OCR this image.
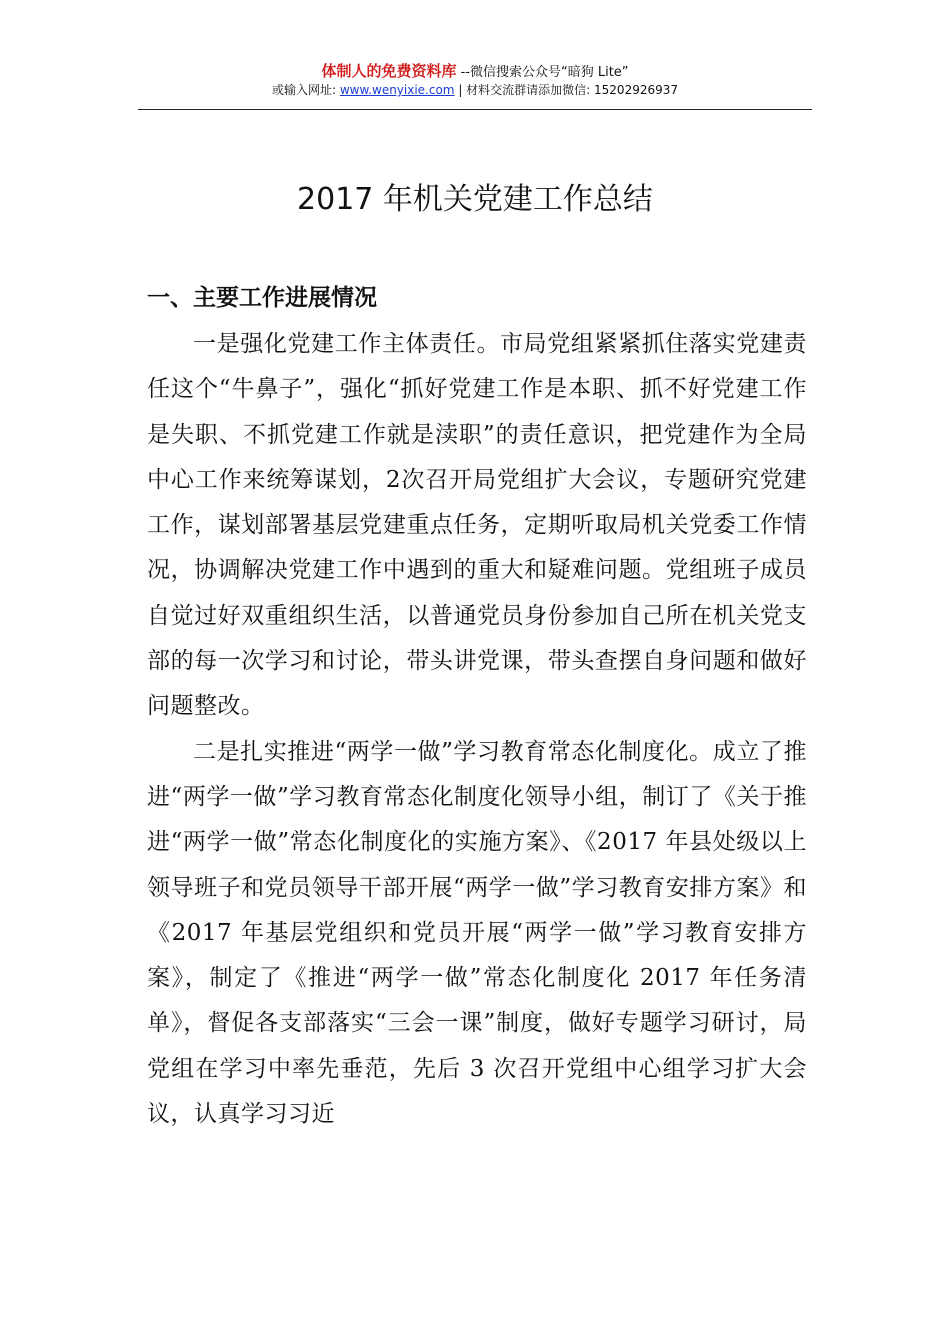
体制人的免费资料库 --微信搜索公众号“暗狗 Lite”
或输入网址: www.wenyixie.com | 材料交流群请添加微信: 15202926937
2017 年机关党建工作总结
一、主要工作进展情况

一是强化党建工作主体责任。市局党组紧紧抓住落实党建责任这个“牛鼻子”，强化“抓好党建工作是本职、抓不好党建工作是失职、不抓党建工作就是渎职”的责任意识，把党建作为全局中心工作来统筹谋划，2次召开局党组扩大会议，专题研究党建工作，谋划部署基层党建重点任务，定期听取局机关党委工作情况，协调解决党建工作中遇到的重大和疑难问题。党组班子成员自觉过好双重组织生活，以普通党员身份参加自己所在机关党支部的每一次学习和讨论，带头讲党课，带头查摆自身问题和做好问题整改。

二是扎实推进“两学一做”学习教育常态化制度化。成立了推进“两学一做”学习教育常态化制度化领导小组，制订了《关于推进“两学一做”常态化制度化的实施方案》、《2017 年县处级以上领导班子和党员领导干部开展“两学一做”学习教育安排方案》和《2017 年基层党组织和党员开展“两学一做”学习教育安排方案》，制定了《推进“两学一做”常态化制度化 2017 年任务清单》，督促各支部落实“三会一课”制度，做好专题学习研讨，局党组在学习中率先垂范，先后 3 次召开党组中心组学习扩大会议，认真学习习近
